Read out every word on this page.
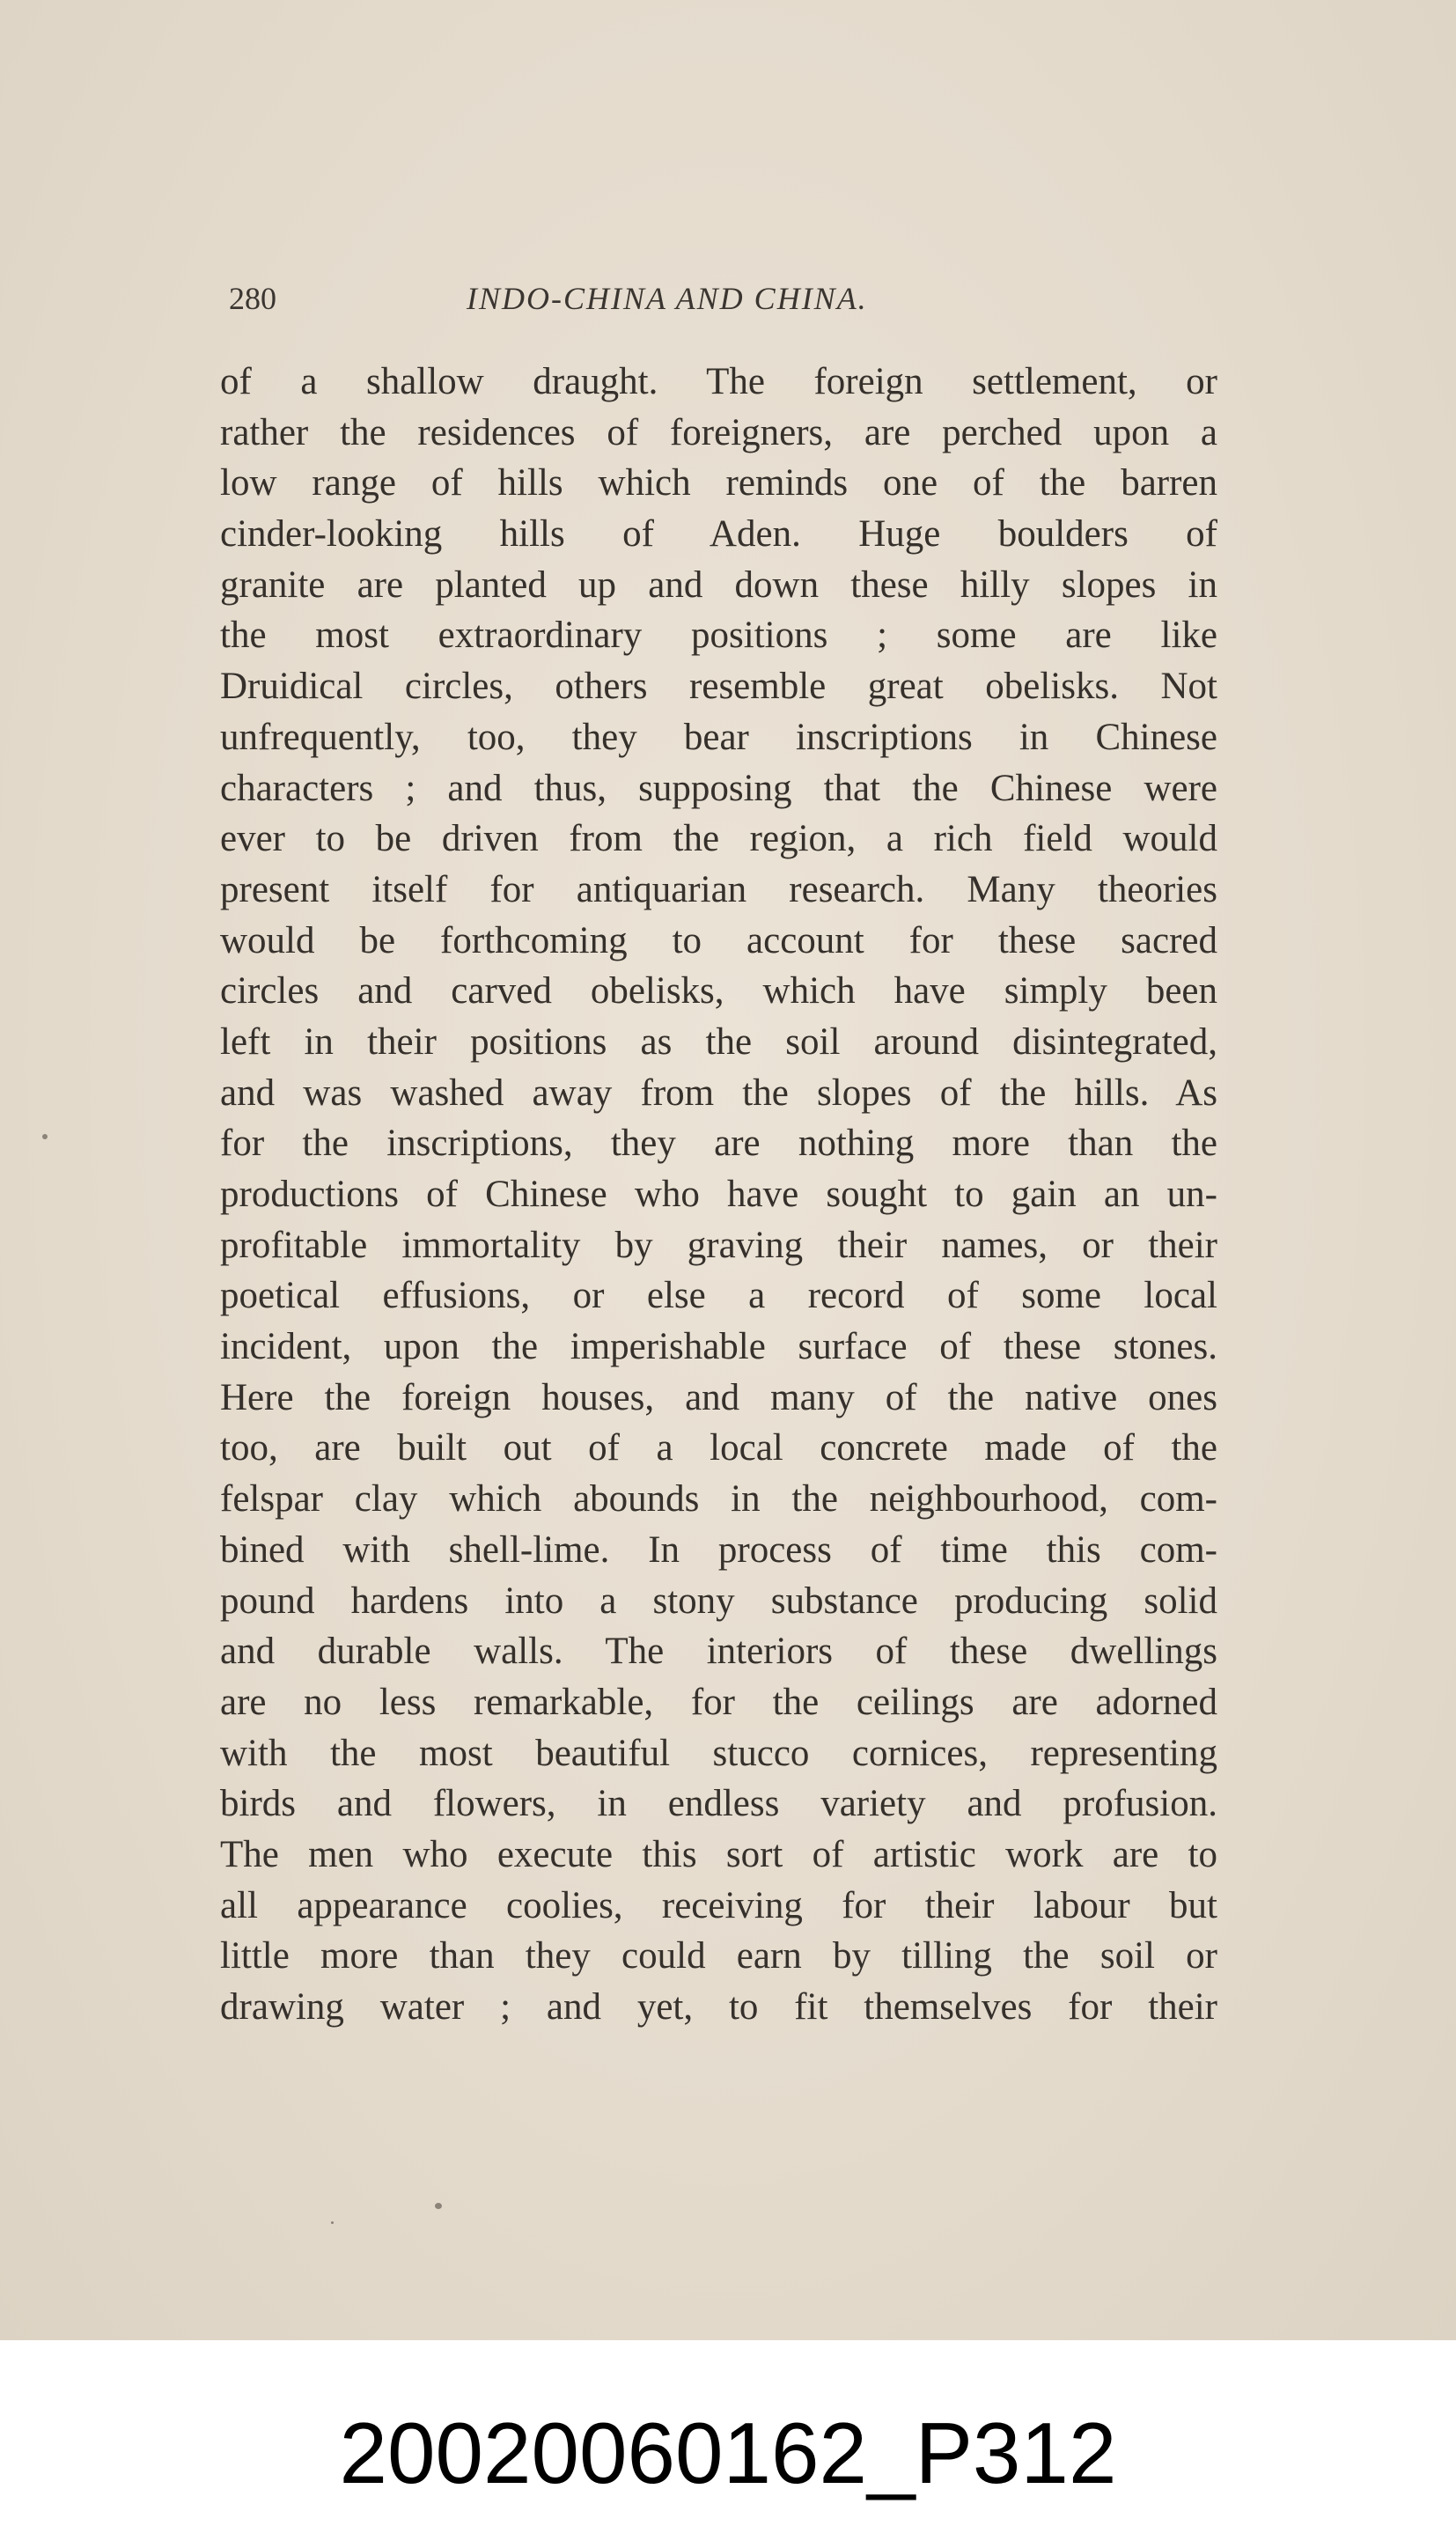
280	INDO-CHINA AND CHINA.
of a shallow draught. The foreign settlement, or
rather the residences of foreigners, are perched upon a
low range of hills which reminds one of the barren
cinder-looking hills of Aden. Huge boulders of
granite are planted up and down these hilly slopes in
the most extraordinary positions ; some are like
Druidical circles, others resemble great obelisks. Not
unfrequently, too, they bear inscriptions in Chinese
characters ; and thus, supposing that the Chinese were
ever to be driven from the region, a rich field would
present itself for antiquarian research. Many theories
would be forthcoming to account for these sacred
circles and carved obelisks, which have simply been
left in their positions as the soil around disintegrated,
and was washed away from the slopes of the hills. As
for the inscriptions, they are nothing more than the
productions of Chinese who have sought to gain an un-
profitable immortality by graving their names, or their
poetical effusions, or else a record of some local
incident, upon the imperishable surface of these stones.
Here the foreign houses, and many of the native ones
too, are built out of a local concrete made of the
felspar clay which abounds in the neighbourhood, com-
bined with shell-lime. In process of time this com-
pound hardens into a stony substance producing solid
and durable walls. The interiors of these dwellings
are no less remarkable, for the ceilings are adorned
with the most beautiful stucco cornices, representing
birds and flowers, in endless variety and profusion.
The men who execute this sort of artistic work are to
all appearance coolies, receiving for their labour but
little more than they could earn by tilling the soil or
drawing water ; and yet, to fit themselves for their
20020060162_P312
